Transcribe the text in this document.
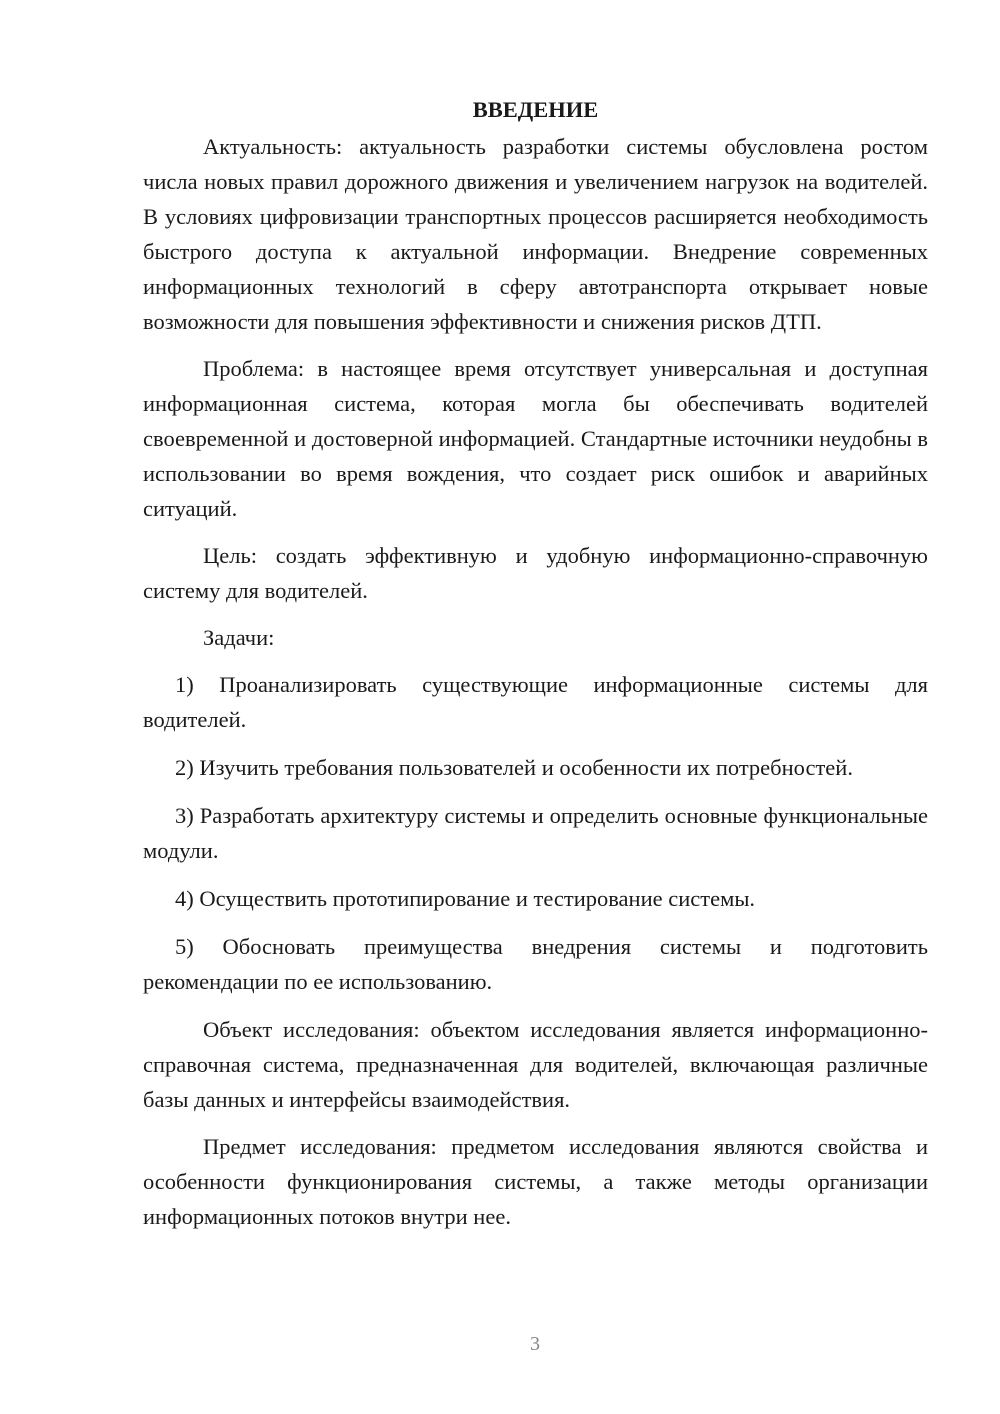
ВВЕДЕНИЕ

Актуальность: актуальность разработки системы обусловлена ростом числа новых правил дорожного движения и увеличением нагрузок на водителей. В условиях цифровизации транспортных процессов расширяется необходимость быстрого доступа к актуальной информации. Внедрение современных информационных технологий в сферу автотранспорта открывает новые возможности для повышения эффективности и снижения рисков ДТП.

Проблема: в настоящее время отсутствует универсальная и доступная информационная система, которая могла бы обеспечивать водителей своевременной и достоверной информацией. Стандартные источники неудобны в использовании во время вождения, что создает риск ошибок и аварийных ситуаций.

Цель: создать эффективную и удобную информационно-справочную систему для водителей.

Задачи:

1) Проанализировать существующие информационные системы для водителей.

2) Изучить требования пользователей и особенности их потребностей.

3) Разработать архитектуру системы и определить основные функциональные модули.

4) Осуществить прототипирование и тестирование системы.

5) Обосновать преимущества внедрения системы и подготовить рекомендации по ее использованию.

Объект исследования: объектом исследования является информационно-справочная система, предназначенная для водителей, включающая различные базы данных и интерфейсы взаимодействия.

Предмет исследования: предметом исследования являются свойства и особенности функционирования системы, а также методы организации информационных потоков внутри нее.

3
